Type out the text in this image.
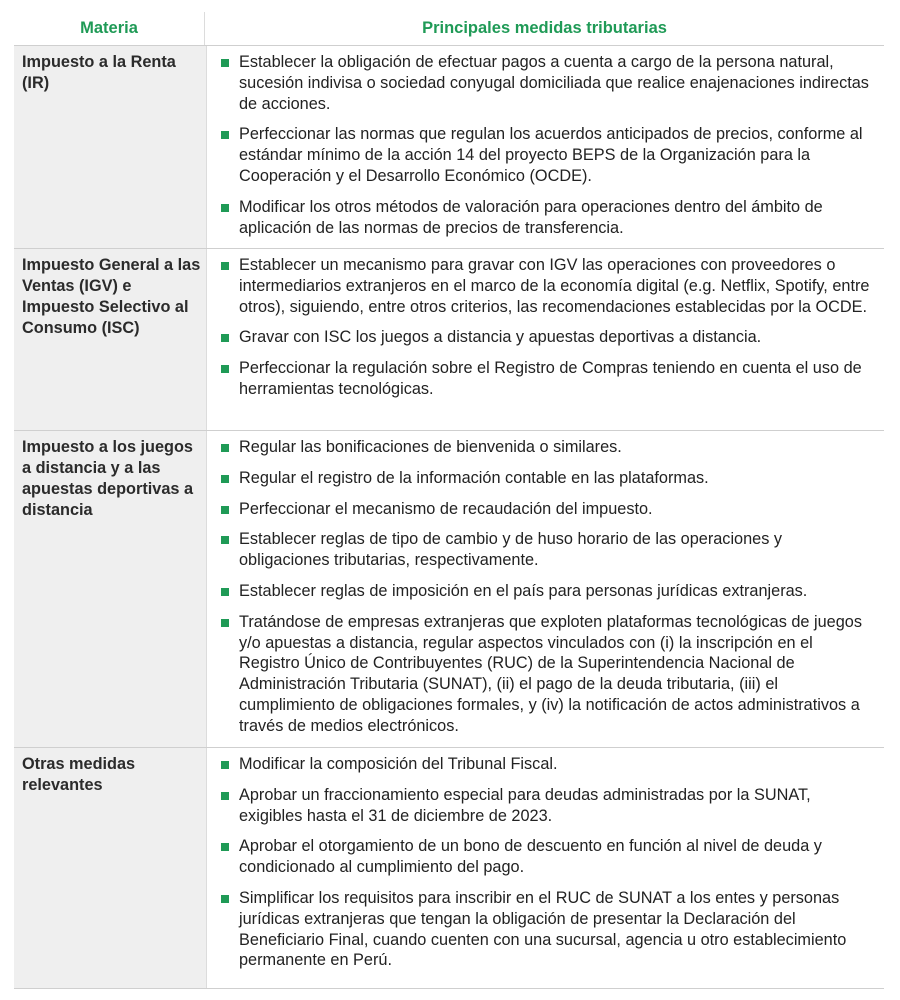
Materia	Principales medidas tributarias
Impuesto a la Renta (IR)
Establecer la obligación de efectuar pagos a cuenta a cargo de la persona natural, sucesión indivisa o sociedad conyugal domiciliada que realice enajenaciones indirectas de acciones.
Perfeccionar las normas que regulan los acuerdos anticipados de precios, conforme al estándar mínimo de la acción 14 del proyecto BEPS de la Organización para la Cooperación y el Desarrollo Económico (OCDE).
Modificar los otros métodos de valoración para operaciones dentro del ámbito de aplicación de las normas de precios de transferencia.
Impuesto General a las Ventas (IGV) e Impuesto Selectivo al Consumo (ISC)
Establecer un mecanismo para gravar con IGV las operaciones con proveedores o intermediarios extranjeros en el marco de la economía digital (e.g. Netflix, Spotify, entre otros), siguiendo, entre otros criterios, las recomendaciones establecidas por la OCDE.
Gravar con ISC los juegos a distancia y apuestas deportivas a distancia.
Perfeccionar la regulación sobre el Registro de Compras teniendo en cuenta el uso de herramientas tecnológicas.
Impuesto a los juegos a distancia y a las apuestas deportivas a distancia
Regular las bonificaciones de bienvenida o similares.
Regular el registro de la información contable en las plataformas.
Perfeccionar el mecanismo de recaudación del impuesto.
Establecer reglas de tipo de cambio y de huso horario de las operaciones y obligaciones tributarias, respectivamente.
Establecer reglas de imposición en el país para personas jurídicas extranjeras.
Tratándose de empresas extranjeras que exploten plataformas tecnológicas de juegos y/o apuestas a distancia, regular aspectos vinculados con (i) la inscripción en el Registro Único de Contribuyentes (RUC) de la Superintendencia Nacional de Administración Tributaria (SUNAT), (ii) el pago de la deuda tributaria, (iii) el cumplimiento de obligaciones formales, y (iv) la notificación de actos administrativos a través de medios electrónicos.
Otras medidas relevantes
Modificar la composición del Tribunal Fiscal.
Aprobar un fraccionamiento especial para deudas administradas por la SUNAT, exigibles hasta el 31 de diciembre de 2023.
Aprobar el otorgamiento de un bono de descuento en función al nivel de deuda y condicionado al cumplimiento del pago.
Simplificar los requisitos para inscribir en el RUC de SUNAT a los entes y personas jurídicas extranjeras que tengan la obligación de presentar la Declaración del Beneficiario Final, cuando cuenten con una sucursal, agencia u otro establecimiento permanente en Perú.
